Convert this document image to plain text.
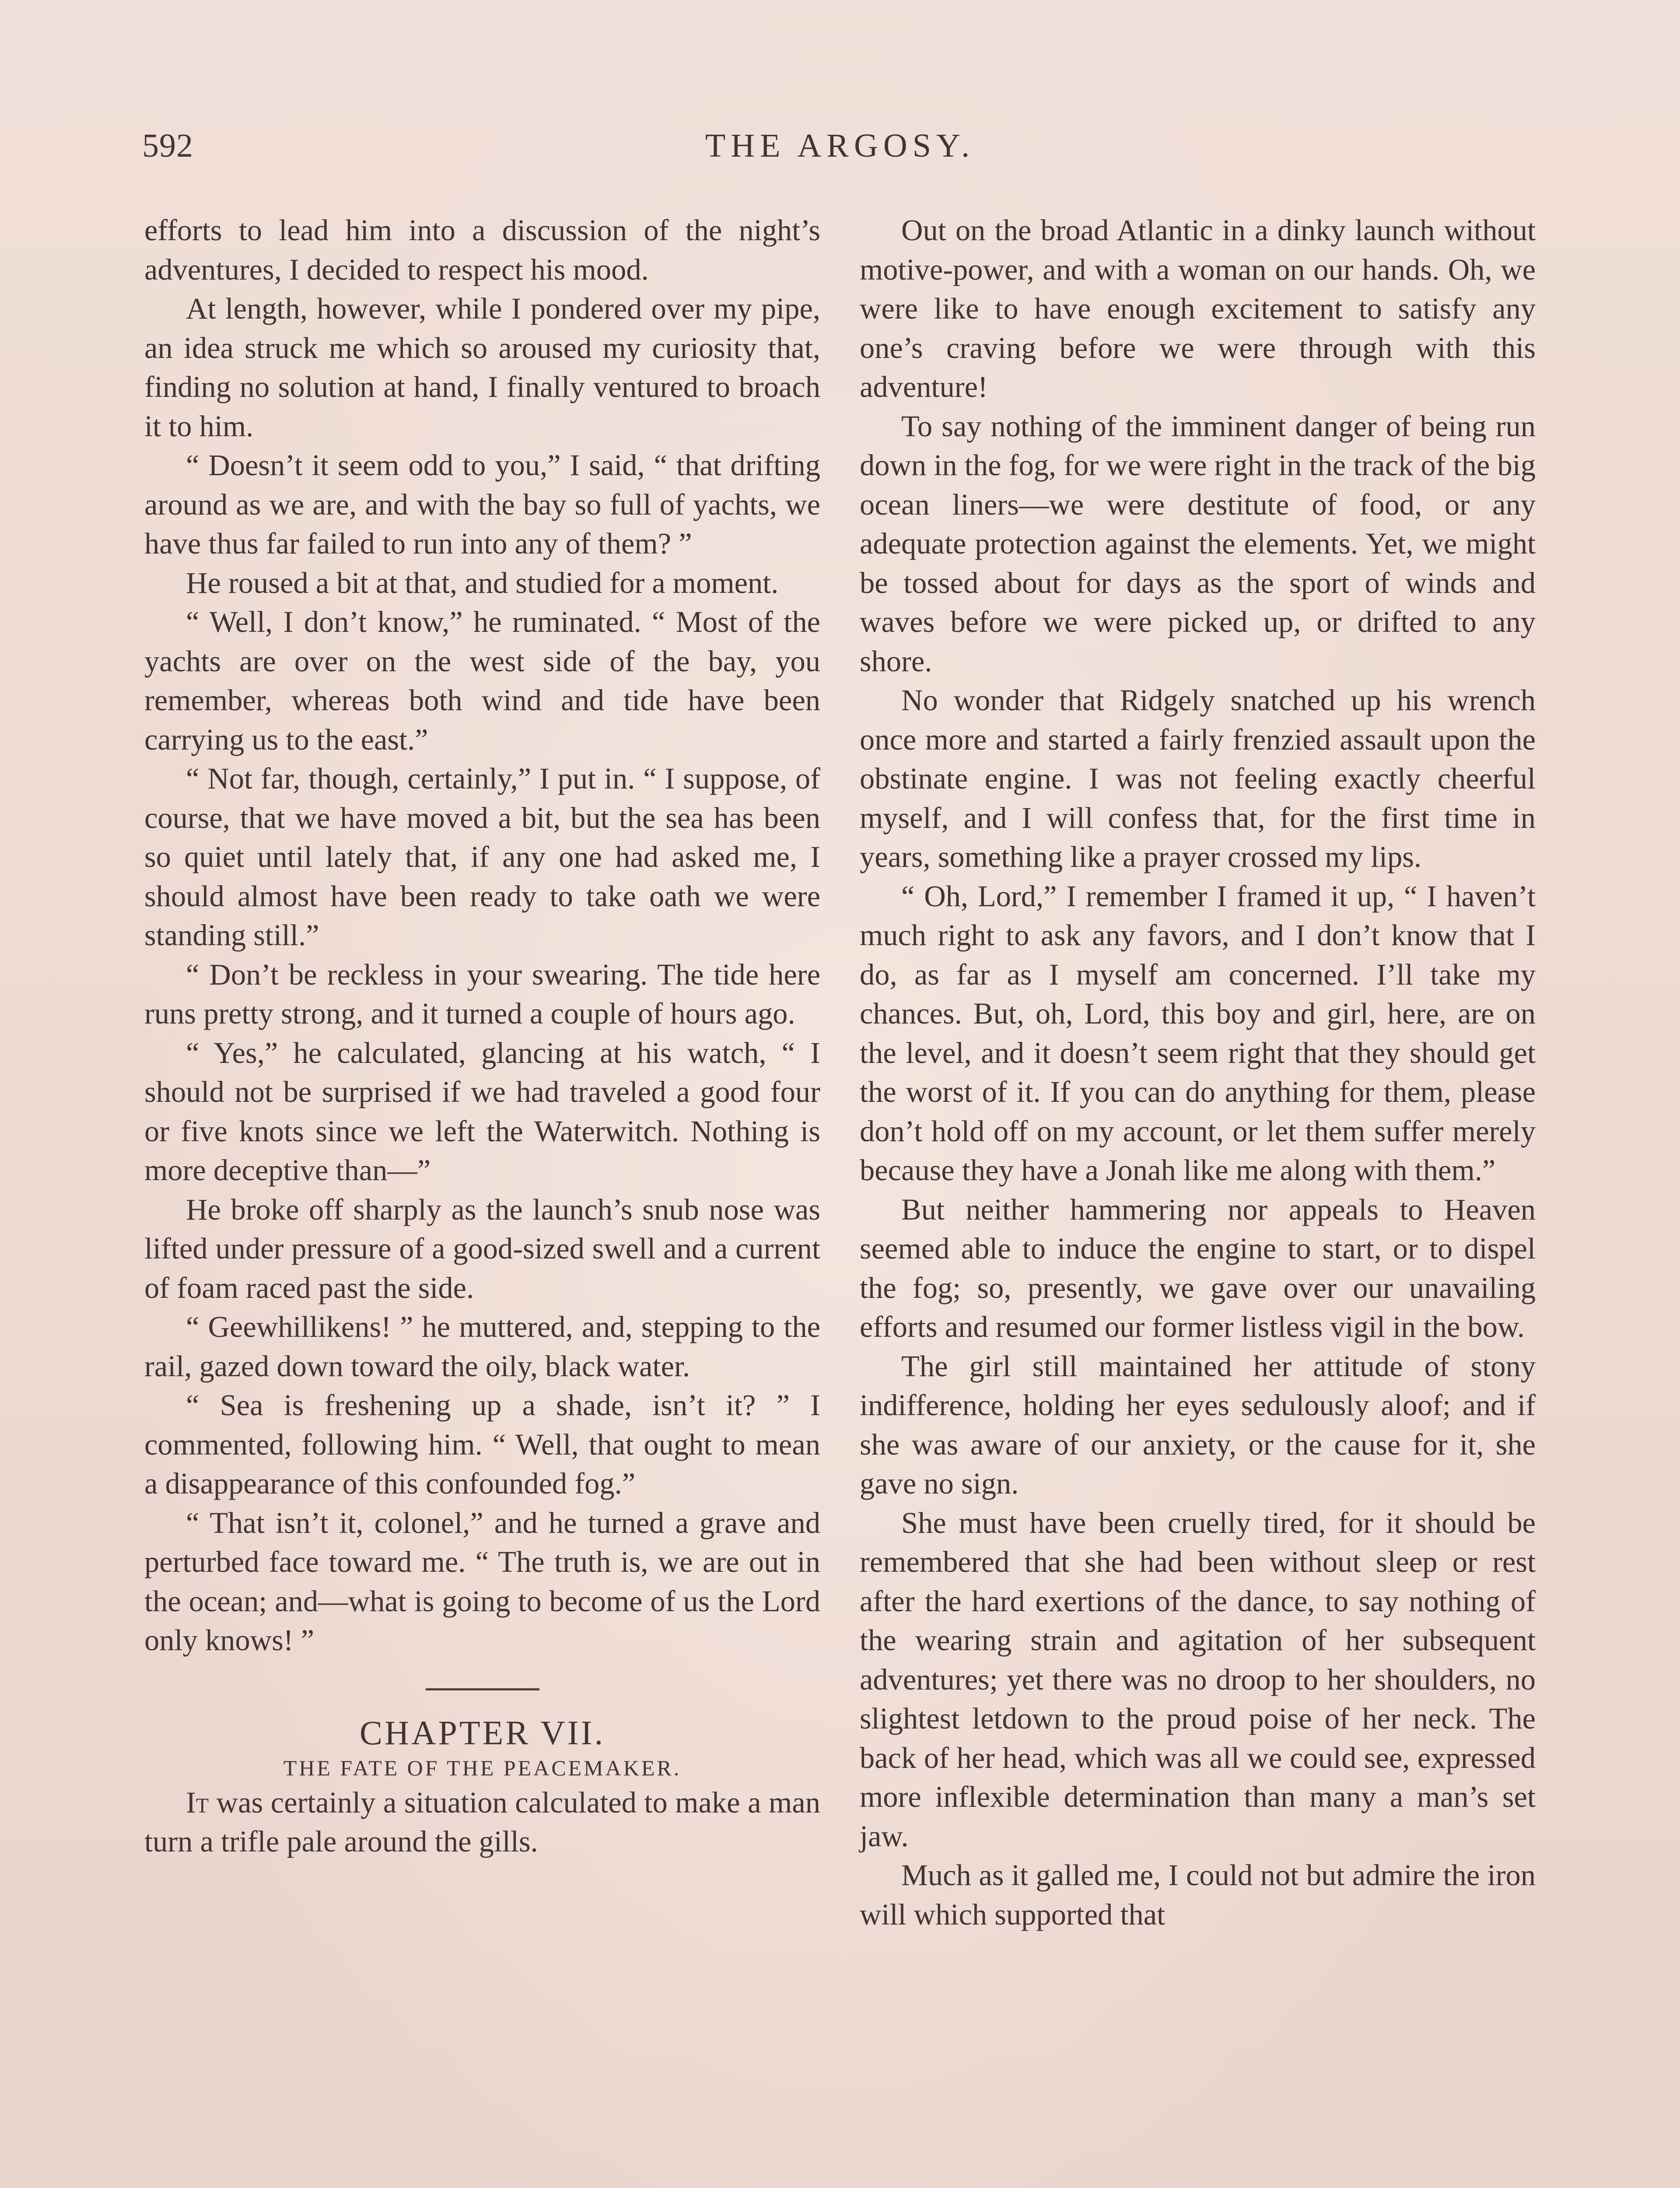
592	THE ARGOSY.

efforts to lead him into a discussion of the night’s adventures, I decided to respect his mood.

At length, however, while I pondered over my pipe, an idea struck me which so aroused my curiosity that, finding no solution at hand, I finally ventured to broach it to him.

“ Doesn’t it seem odd to you,” I said, “ that drifting around as we are, and with the bay so full of yachts, we have thus far failed to run into any of them? ”

He roused a bit at that, and studied for a moment.

“ Well, I don’t know,” he ruminated. “ Most of the yachts are over on the west side of the bay, you remember, whereas both wind and tide have been carrying us to the east.”

“ Not far, though, certainly,” I put in. “ I suppose, of course, that we have moved a bit, but the sea has been so quiet until lately that, if any one had asked me, I should almost have been ready to take oath we were standing still.”

“ Don’t be reckless in your swearing. The tide here runs pretty strong, and it turned a couple of hours ago.

“ Yes,” he calculated, glancing at his watch, “ I should not be surprised if we had traveled a good four or five knots since we left the Waterwitch. Nothing is more deceptive than—”

He broke off sharply as the launch’s snub nose was lifted under pressure of a good-sized swell and a current of foam raced past the side.

“ Geewhillikens! ” he muttered, and, stepping to the rail, gazed down toward the oily, black water.

“ Sea is freshening up a shade, isn’t it? ” I commented, following him. “ Well, that ought to mean a disappearance of this confounded fog.”

“ That isn’t it, colonel,” and he turned a grave and perturbed face toward me. “ The truth is, we are out in the ocean; and—what is going to become of us the Lord only knows! ”

CHAPTER VII.

THE FATE OF THE PEACEMAKER.

It was certainly a situation calculated to make a man turn a trifle pale around the gills.

Out on the broad Atlantic in a dinky launch without motive-power, and with a woman on our hands. Oh, we were like to have enough excitement to satisfy any one’s craving before we were through with this adventure!

To say nothing of the imminent danger of being run down in the fog, for we were right in the track of the big ocean liners—we were destitute of food, or any adequate protection against the elements. Yet, we might be tossed about for days as the sport of winds and waves before we were picked up, or drifted to any shore.

No wonder that Ridgely snatched up his wrench once more and started a fairly frenzied assault upon the obstinate engine. I was not feeling exactly cheerful myself, and I will confess that, for the first time in years, something like a prayer crossed my lips.

“ Oh, Lord,” I remember I framed it up, “ I haven’t much right to ask any favors, and I don’t know that I do, as far as I myself am concerned. I’ll take my chances. But, oh, Lord, this boy and girl, here, are on the level, and it doesn’t seem right that they should get the worst of it. If you can do anything for them, please don’t hold off on my account, or let them suffer merely because they have a Jonah like me along with them.”

But neither hammering nor appeals to Heaven seemed able to induce the engine to start, or to dispel the fog; so, presently, we gave over our unavailing efforts and resumed our former listless vigil in the bow.

The girl still maintained her attitude of stony indifference, holding her eyes sedulously aloof; and if she was aware of our anxiety, or the cause for it, she gave no sign.

She must have been cruelly tired, for it should be remembered that she had been without sleep or rest after the hard exertions of the dance, to say nothing of the wearing strain and agitation of her subsequent adventures; yet there was no droop to her shoulders, no slightest letdown to the proud poise of her neck. The back of her head, which was all we could see, expressed more inflexible determination than many a man’s set jaw.

Much as it galled me, I could not but admire the iron will which supported that
